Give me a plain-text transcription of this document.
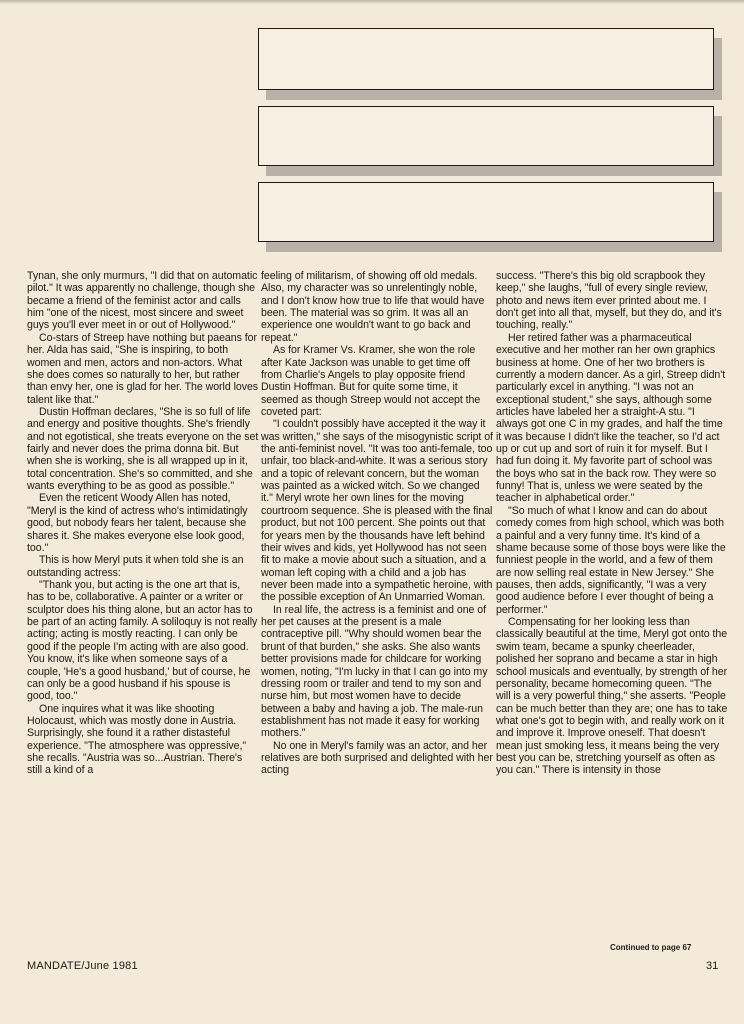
Tynan, she only murmurs, "I did that on automatic pilot." It was apparently no challenge, though she became a friend of the feminist actor and calls him "one of the nicest, most sincere and sweet guys you'll ever meet in or out of Hollywood."

Co-stars of Streep have nothing but paeans for her. Alda has said, "She is inspiring, to both women and men, actors and non-actors. What she does comes so naturally to her, but rather than envy her, one is glad for her. The world loves talent like that."

Dustin Hoffman declares, "She is so full of life and energy and positive thoughts. She's friendly and not egotistical, she treats everyone on the set fairly and never does the prima donna bit. But when she is working, she is all wrapped up in it, total concentration. She's so committed, and she wants everything to be as good as possible."

Even the reticent Woody Allen has noted, "Meryl is the kind of actress who's intimidatingly good, but nobody fears her talent, because she shares it. She makes everyone else look good, too."

This is how Meryl puts it when told she is an outstanding actress:

"Thank you, but acting is the one art that is, has to be, collaborative. A painter or a writer or sculptor does his thing alone, but an actor has to be part of an acting family. A soliloquy is not really acting; acting is mostly reacting. I can only be good if the people I'm acting with are also good. You know, it's like when someone says of a couple, 'He's a good husband,' but of course, he can only be a good husband if his spouse is good, too."

One inquires what it was like shooting Holocaust, which was mostly done in Austria. Surprisingly, she found it a rather distasteful experience. "The atmosphere was oppressive," she recalls. "Austria was so...Austrian. There's still a kind of a

feeling of militarism, of showing off old medals. Also, my character was so unrelentingly noble, and I don't know how true to life that would have been. The material was so grim. It was all an experience one wouldn't want to go back and repeat."

As for Kramer Vs. Kramer, she won the role after Kate Jackson was unable to get time off from Charlie's Angels to play opposite friend Dustin Hoffman. But for quite some time, it seemed as though Streep would not accept the coveted part:

"I couldn't possibly have accepted it the way it was written," she says of the misogynistic script of the anti-feminist novel. "It was too anti-female, too unfair, too black-and-white. It was a serious story and a topic of relevant concern, but the woman was painted as a wicked witch. So we changed it." Meryl wrote her own lines for the moving courtroom sequence. She is pleased with the final product, but not 100 percent. She points out that for years men by the thousands have left behind their wives and kids, yet Hollywood has not seen fit to make a movie about such a situation, and a woman left coping with a child and a job has never been made into a sympathetic heroine, with the possible exception of An Unmarried Woman.

In real life, the actress is a feminist and one of her pet causes at the present is a male contraceptive pill. "Why should women bear the brunt of that burden," she asks. She also wants better provisions made for childcare for working women, noting, "I'm lucky in that I can go into my dressing room or trailer and tend to my son and nurse him, but most women have to decide between a baby and having a job. The male-run establishment has not made it easy for working mothers."

No one in Meryl's family was an actor, and her relatives are both surprised and delighted with her acting

success. "There's this big old scrapbook they keep," she laughs, "full of every single review, photo and news item ever printed about me. I don't get into all that, myself, but they do, and it's touching, really."

Her retired father was a pharmaceutical executive and her mother ran her own graphics business at home. One of her two brothers is currently a modern dancer. As a girl, Streep didn't particularly excel in anything. "I was not an exceptional student," she says, although some articles have labeled her a straight-A stu. "I always got one C in my grades, and half the time it was because I didn't like the teacher, so I'd act up or cut up and sort of ruin it for myself. But I had fun doing it. My favorite part of school was the boys who sat in the back row. They were so funny! That is, unless we were seated by the teacher in alphabetical order."

"So much of what I know and can do about comedy comes from high school, which was both a painful and a very funny time. It's kind of a shame because some of those boys were like the funniest people in the world, and a few of them are now selling real estate in New Jersey." She pauses, then adds, significantly, "I was a very good audience before I ever thought of being a performer."

Compensating for her looking less than classically beautiful at the time, Meryl got onto the swim team, became a spunky cheerleader, polished her soprano and became a star in high school musicals and eventually, by strength of her personality, became homecoming queen. "The will is a very powerful thing," she asserts. "People can be much better than they are; one has to take what one's got to begin with, and really work on it and improve it. Improve oneself. That doesn't mean just smoking less, it means being the very best you can be, stretching yourself as often as you can." There is intensity in those

Continued to page 67
MANDATE/June 1981	31
